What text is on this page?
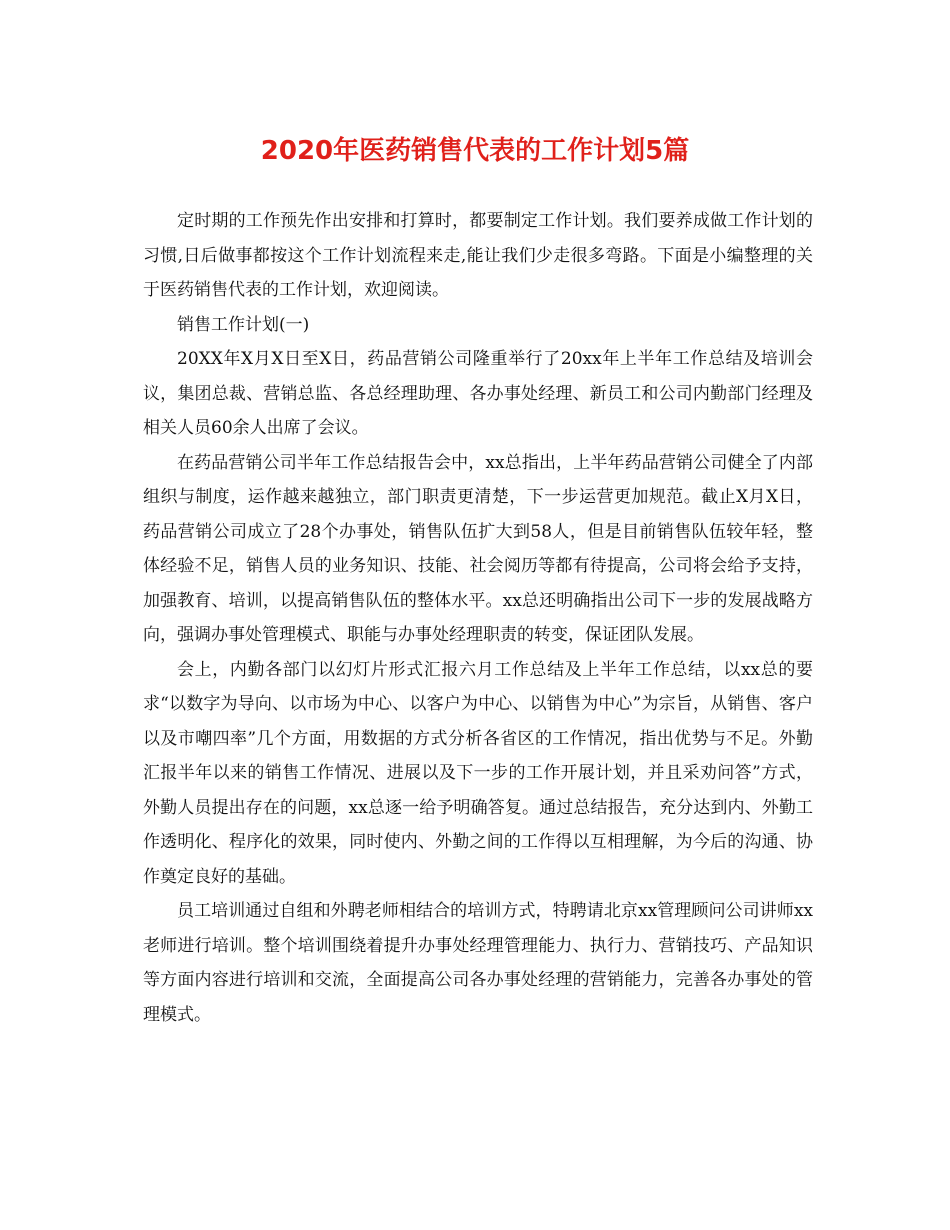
2020年医药销售代表的工作计划5篇

定时期的工作预先作出安排和打算时，都要制定工作计划。我们要养成做工作计划的习惯,日后做事都按这个工作计划流程来走,能让我们少走很多弯路。下面是小编整理的关于医药销售代表的工作计划，欢迎阅读。

销售工作计划(一)

20XX年X月X日至X日，药品营销公司隆重举行了20xx年上半年工作总结及培训会议，集团总裁、营销总监、各总经理助理、各办事处经理、新员工和公司内勤部门经理及相关人员60余人出席了会议。

在药品营销公司半年工作总结报告会中，xx总指出，上半年药品营销公司健全了内部组织与制度，运作越来越独立，部门职责更清楚，下一步运营更加规范。截止X月X日，药品营销公司成立了28个办事处，销售队伍扩大到58人，但是目前销售队伍较年轻，整体经验不足，销售人员的业务知识、技能、社会阅历等都有待提高，公司将会给予支持，加强教育、培训，以提高销售队伍的整体水平。xx总还明确指出公司下一步的发展战略方向，强调办事处管理模式、职能与办事处经理职责的转变，保证团队发展。

会上，内勤各部门以幻灯片形式汇报六月工作总结及上半年工作总结，以xx总的要求“以数字为导向、以市场为中心、以客户为中心、以销售为中心”为宗旨，从销售、客户以及市嘲四率”几个方面，用数据的方式分析各省区的工作情况，指出优势与不足。外勤汇报半年以来的销售工作情况、进展以及下一步的工作开展计划，并且采劝问答”方式，外勤人员提出存在的问题，xx总逐一给予明确答复。通过总结报告，充分达到内、外勤工作透明化、程序化的效果，同时使内、外勤之间的工作得以互相理解，为今后的沟通、协作奠定良好的基础。

员工培训通过自组和外聘老师相结合的培训方式，特聘请北京xx管理顾问公司讲师xx老师进行培训。整个培训围绕着提升办事处经理管理能力、执行力、营销技巧、产品知识等方面内容进行培训和交流，全面提高公司各办事处经理的营销能力，完善各办事处的管理模式。
